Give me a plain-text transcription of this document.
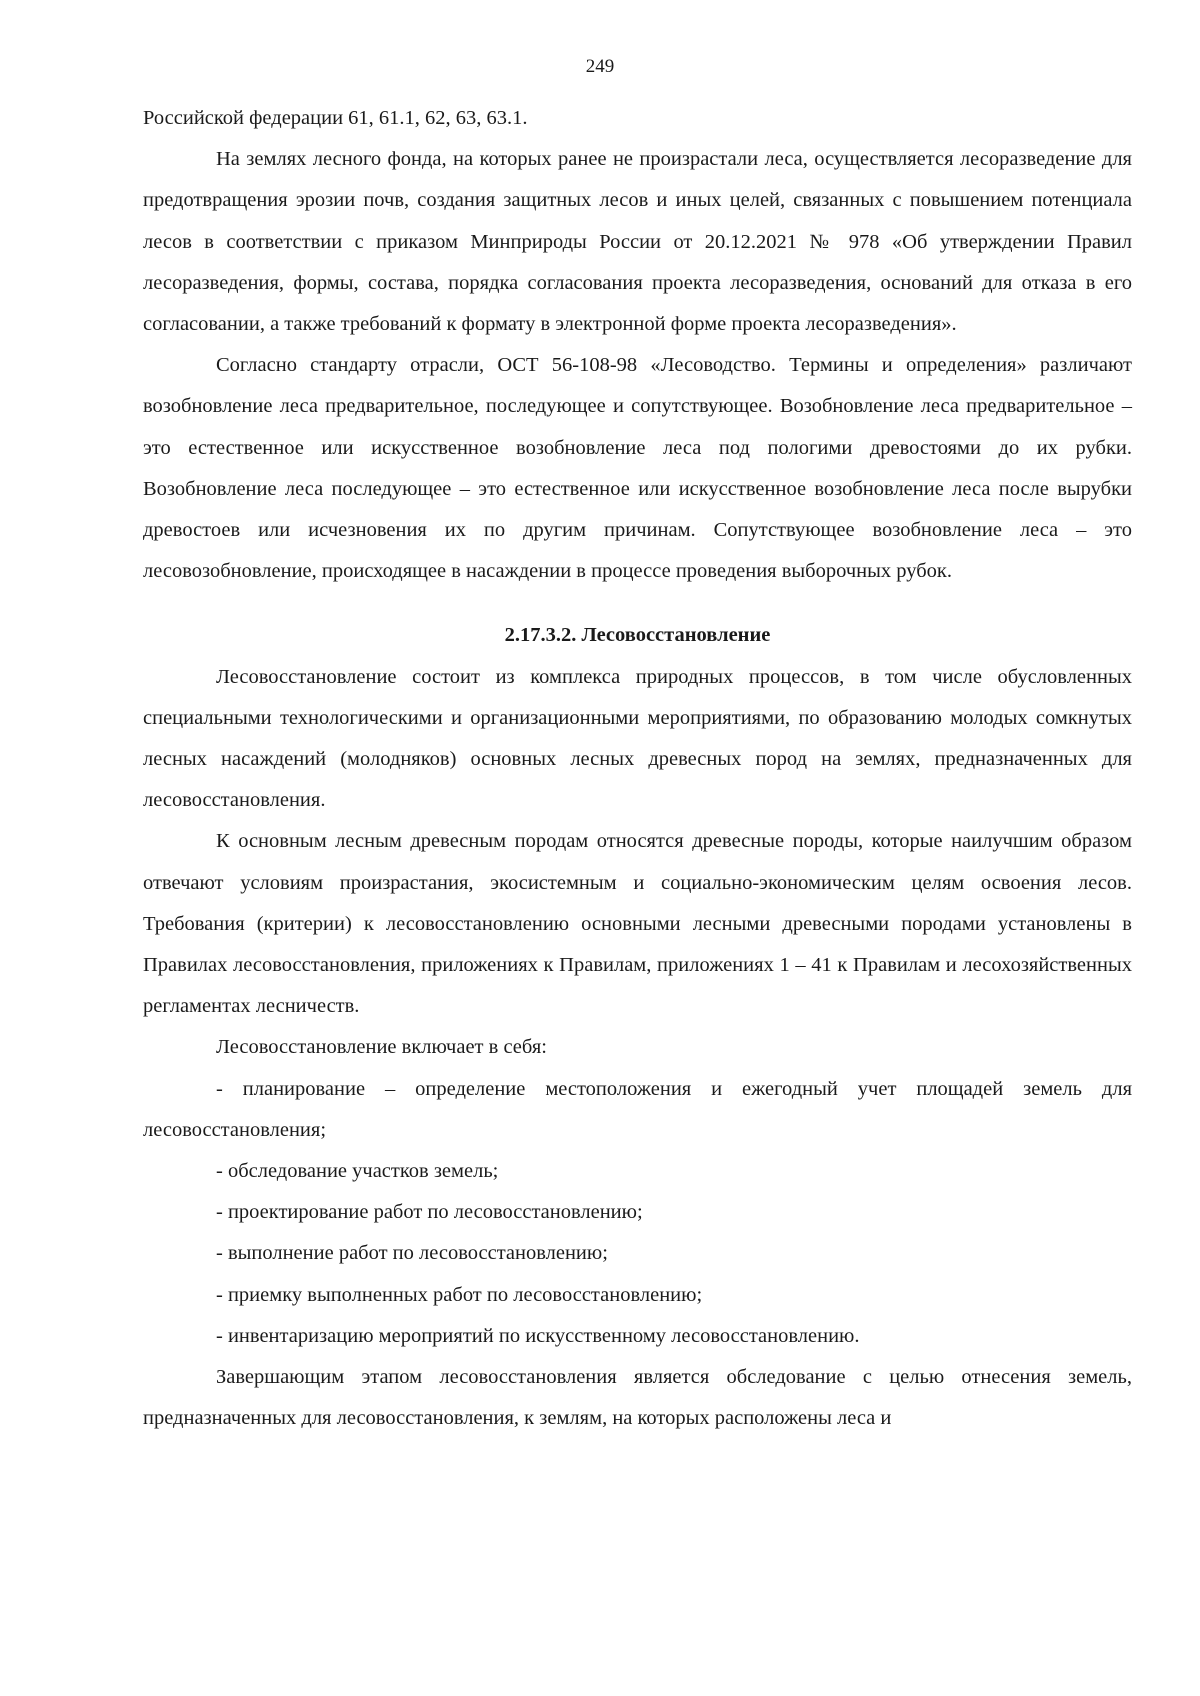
249

Российской федерации 61, 61.1, 62, 63, 63.1.

На землях лесного фонда, на которых ранее не произрастали леса, осуществляется лесоразведение для предотвращения эрозии почв, создания защитных лесов и иных целей, связанных с повышением потенциала лесов в соответствии с приказом Минприроды России от 20.12.2021 № 978 «Об утверждении Правил лесоразведения, формы, состава, порядка согласования проекта лесоразведения, оснований для отказа в его согласовании, а также требований к формату в электронной форме проекта лесоразведения».

Согласно стандарту отрасли, ОСТ 56-108-98 «Лесоводство. Термины и определения» различают возобновление леса предварительное, последующее и сопутствующее. Возобновление леса предварительное – это естественное или искусственное возобновление леса под пологими древостоями до их рубки. Возобновление леса последующее – это естественное или искусственное возобновление леса после вырубки древостоев или исчезновения их по другим причинам. Сопутствующее возобновление леса – это лесовозобновление, происходящее в насаждении в процессе проведения выборочных рубок.

2.17.3.2. Лесовосстановление

Лесовосстановление состоит из комплекса природных процессов, в том числе обусловленных специальными технологическими и организационными мероприятиями, по образованию молодых сомкнутых лесных насаждений (молодняков) основных лесных древесных пород на землях, предназначенных для лесовосстановления.

К основным лесным древесным породам относятся древесные породы, которые наилучшим образом отвечают условиям произрастания, экосистемным и социально-экономическим целям освоения лесов. Требования (критерии) к лесовосстановлению основными лесными древесными породами установлены в Правилах лесовосстановления, приложениях к Правилам, приложениях 1 – 41 к Правилам и лесохозяйственных регламентах лесничеств.

Лесовосстановление включает в себя:

- планирование – определение местоположения и ежегодный учет площадей земель для лесовосстановления;

- обследование участков земель;

- проектирование работ по лесовосстановлению;

- выполнение работ по лесовосстановлению;

- приемку выполненных работ по лесовосстановлению;

- инвентаризацию мероприятий по искусственному лесовосстановлению.

Завершающим этапом лесовосстановления является обследование с целью отнесения земель, предназначенных для лесовосстановления, к землям, на которых расположены леса и
